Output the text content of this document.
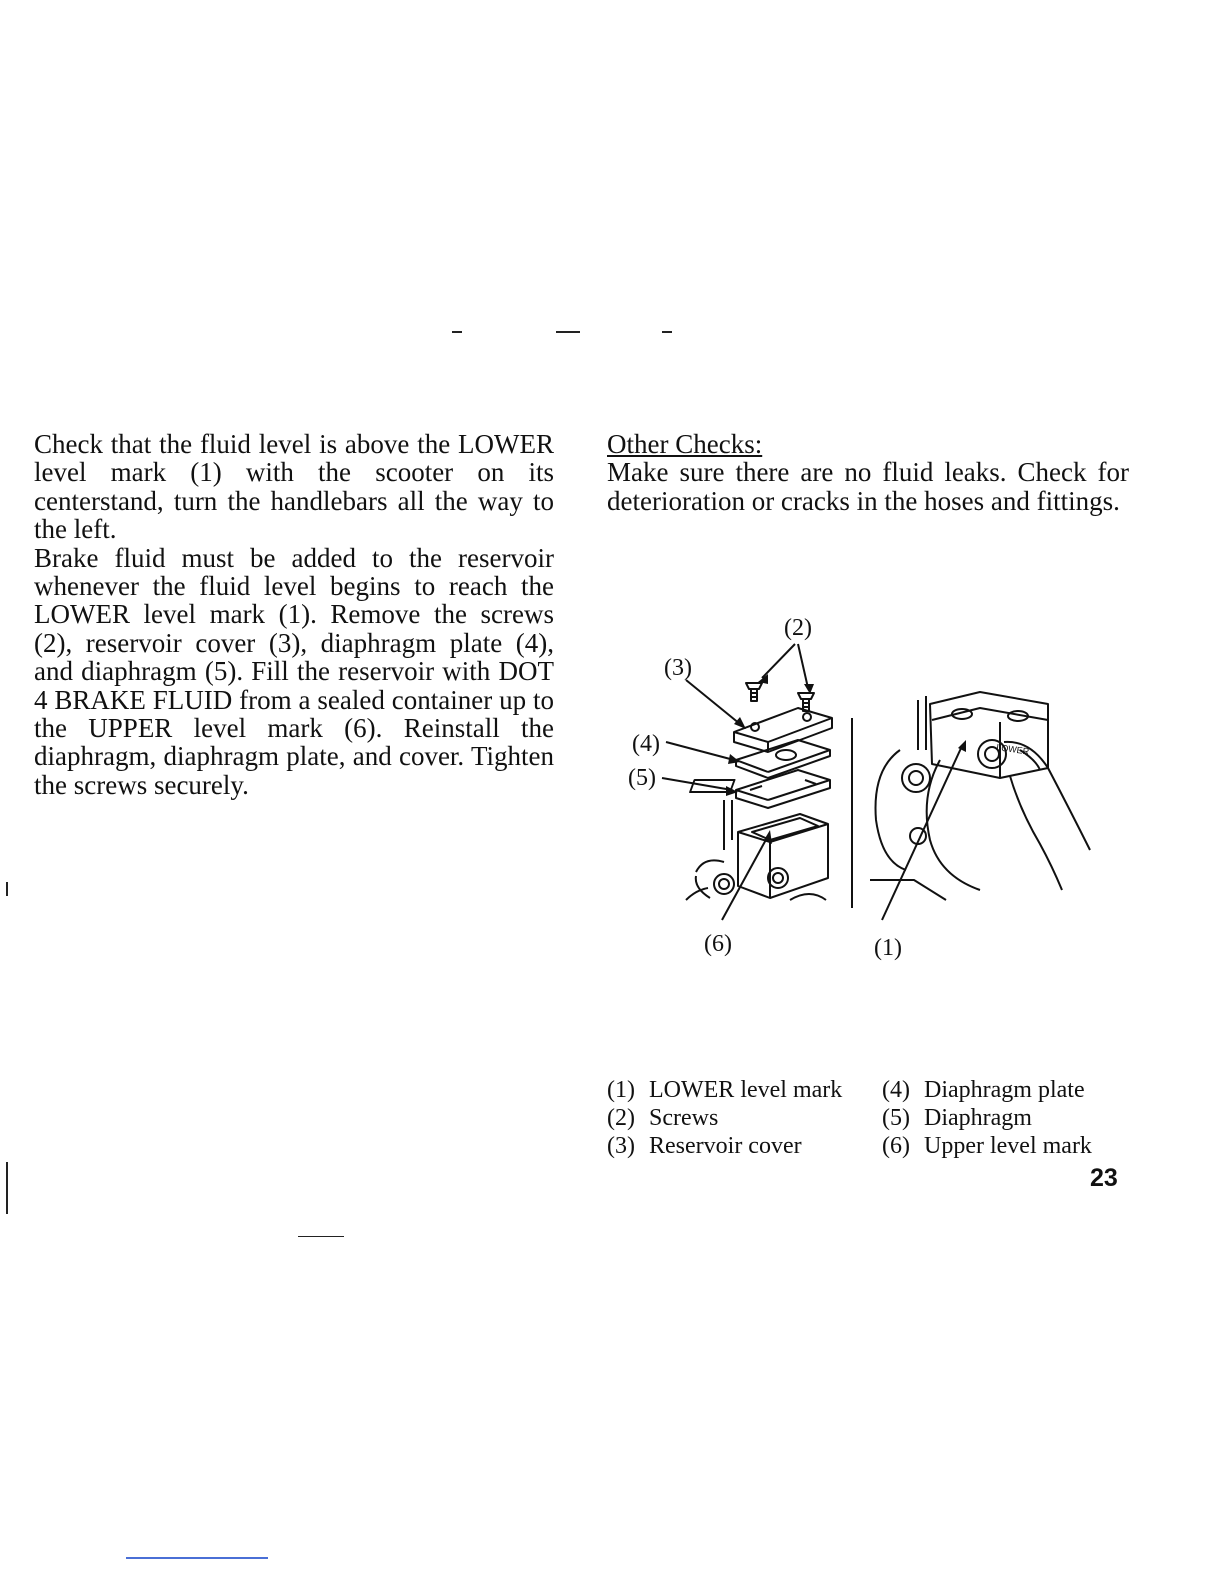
Check that the fluid level is above the LOWER level mark (1) with the scooter on its centerstand, turn the handlebars all the way to the left.

Brake fluid must be added to the reservoir whenever the fluid level begins to reach the LOWER level mark (1). Remove the screws (2), reservoir cover (3), diaphragm plate (4), and diaphragm (5). Fill the reservoir with DOT 4 BRAKE FLUID from a sealed container up to the UPPER level mark (6). Reinstall the diaphragm, diaphragm plate, and cover. Tighten the screws securely.

Other Checks:

Make sure there are no fluid leaks. Check for deterioration or cracks in the hoses and fittings.

LOWER
(2)
(3)
(4)
(5)
(6)	(1)
(1) LOWER level mark (4) Diaphragm plate
(2) Screws	(5) Diaphragm
(3) Reservoir cover	(6) Upper level mark
23
